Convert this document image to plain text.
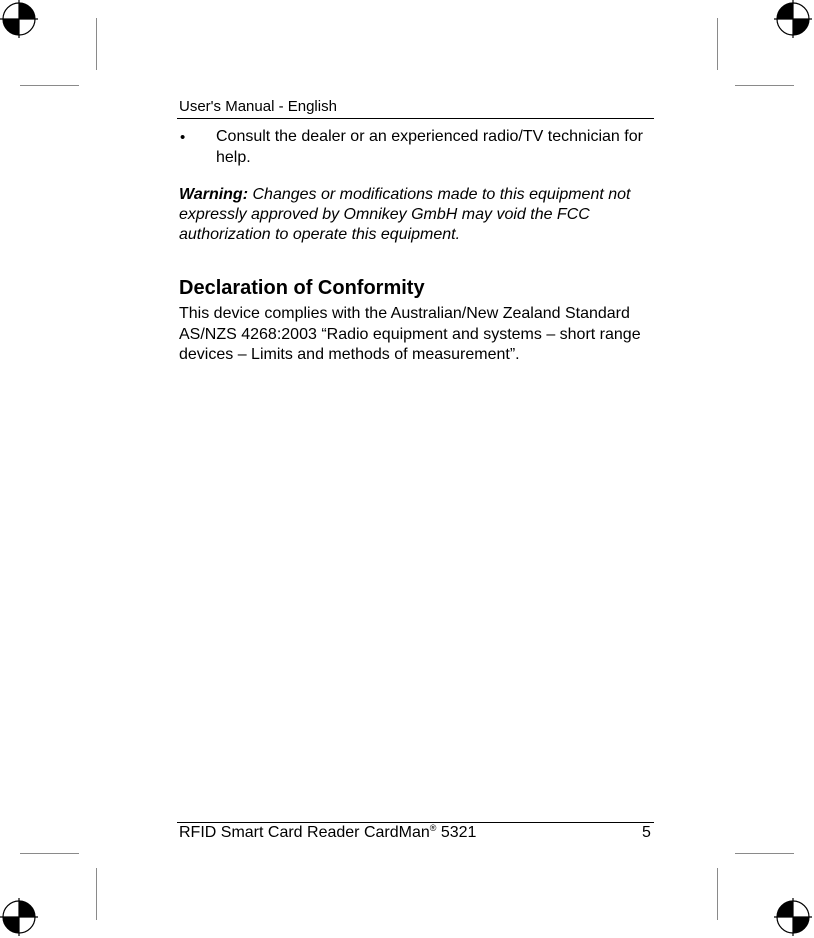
User's Manual - English
• Consult the dealer or an experienced radio/TV technician for help.
Warning: Changes or modifications made to this equipment not expressly approved by Omnikey GmbH may void the FCC authorization to operate this equipment.
Declaration of Conformity
This device complies with the Australian/New Zealand Standard AS/NZS 4268:2003 “Radio equipment and systems – short range devices – Limits and methods of measurement”.
RFID Smart Card Reader CardMan® 5321	5
